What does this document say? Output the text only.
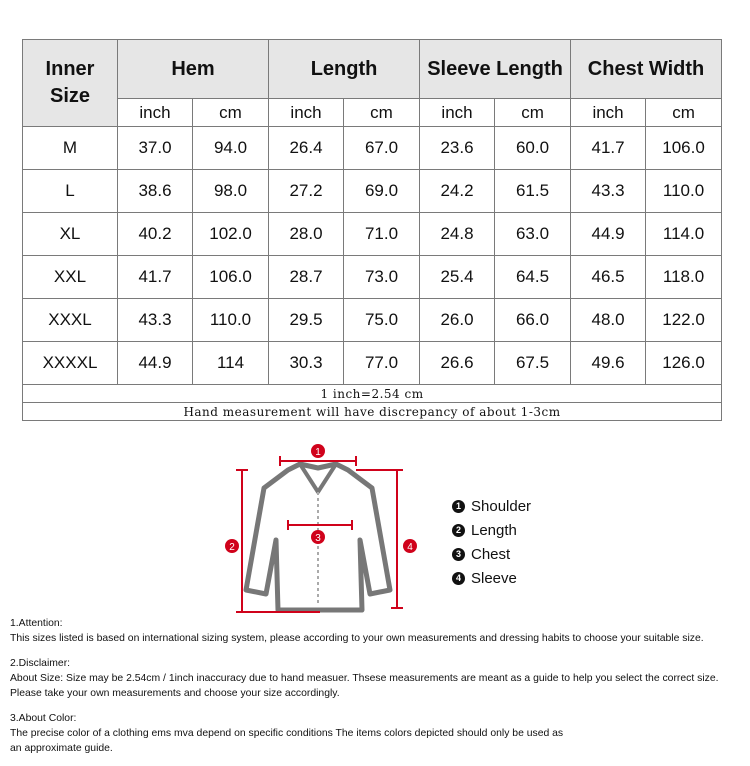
Inner
Size	Hem		Length		Sleeve Length		Chest Width	
	inch	cm	inch	cm	inch	cm	inch	cm
M	37.0	94.0	26.4	67.0	23.6	60.0	41.7	106.0
L	38.6	98.0	27.2	69.0	24.2	61.5	43.3	110.0
XL	40.2	102.0	28.0	71.0	24.8	63.0	44.9	114.0
XXL	41.7	106.0	28.7	73.0	25.4	64.5	46.5	118.0
XXXL	43.3	110.0	29.5	75.0	26.0	66.0	48.0	122.0
XXXXL	44.9	114	30.3	77.0	26.6	67.5	49.6	126.0
1 inch=2.54 cm								
Hand measurement will have discrepancy of about 1-3cm								
1
3
2	4
1 Shoulder
2 Length
3 Chest
4 Sleeve

1.Attention:

This sizes listed is based on international sizing system, please according to your own measurements and dressing habits to choose your suitable size.

2.Disclaimer:

About Size: Size may be 2.54cm / 1inch inaccuracy due to hand measuer. Thsese measurements are meant as a guide to help you select the correct size.

Please take your own measurements and choose your size accordingly.

3.About Color:

The precise color of a clothing ems mva depend on specific conditions The items colors depicted should only be used as

an approximate guide.
